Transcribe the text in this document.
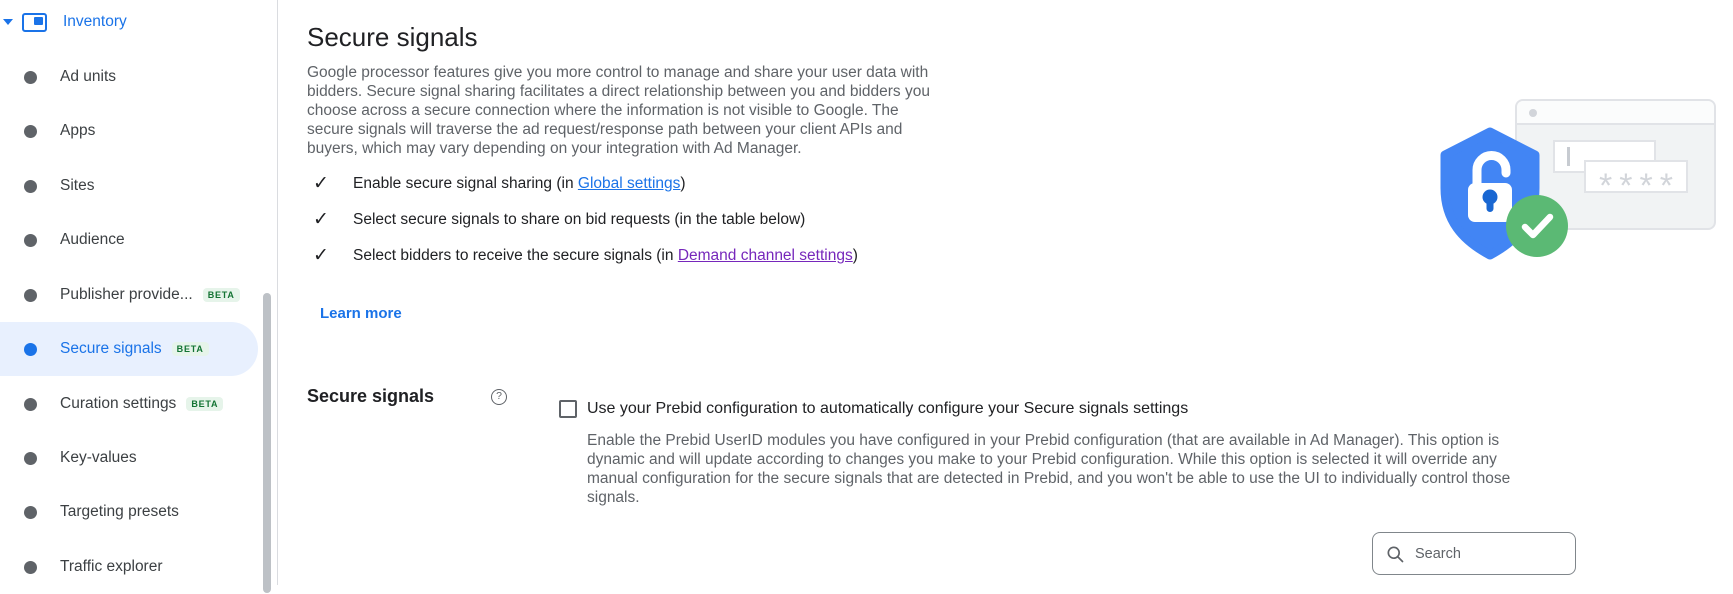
Inventory
Ad units
Apps
Sites
Audience
Publisher provide...	BETA
Secure signals	BETA
Curation settings	BETA
Key-values
Targeting presets
Traffic explorer
Secure signals

Google processor features give you more control to manage and share your user data with bidders. Secure signal sharing facilitates a direct relationship between you and bidders you choose across a secure connection where the information is not visible to Google. The secure signals will traverse the ad request/response path between your client APIs and buyers, which may vary depending on your integration with Ad Manager.

✓ Enable secure signal sharing (in Global settings)
✓ Select secure signals to share on bid requests (in the table below)
✓ Select bidders to receive the secure signals (in Demand channel settings)
Learn more
Secure signals	?
Use your Prebid configuration to automatically configure your Secure signals settings

Enable the Prebid UserID modules you have configured in your Prebid configuration (that are available in Ad Manager). This option is dynamic and will update according to changes you make to your Prebid configuration. While this option is selected it will override any manual configuration for the secure signals that are detected in Prebid, and you won't be able to use the UI to individually control those signals.

****
Search
